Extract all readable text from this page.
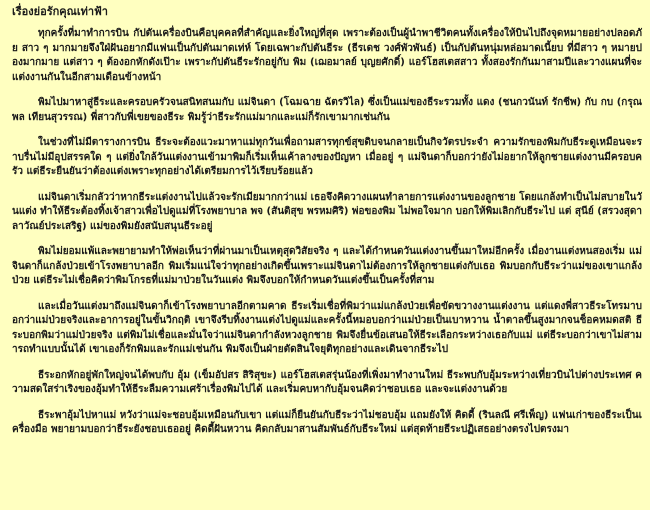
เรื่องย่อรักคุณเท่าฟ้า

ทุกครั้งที่มาทำการบิน กัปตันเครื่องบินคือบุคคลที่สำคัญและยิ่งใหญ่ที่สุด เพราะต้องเป็นผู้นำพาชีวิตคนทั้งเครื่องให้บินไปถึงจุดหมายอย่างปลอดภัย สาว ๆ มากมายจึงใฝ่ฝันอยากมีแฟนเป็นกัปตันมาดเท่ห์ โดยเฉพาะกัปตันธีระ (ธีรเดช วงศ์พัวพันธ์) เป็นกัปตันหนุ่มหล่อมาดเนี้ยบ ที่มีสาว ๆ หมายปองมากมาย แต่สาว ๆ ต้องอกหักดังเป๊าะ เพราะกัปตันธีระรักอยู่กับ พิม (เฌอมาลย์ บุญยศักดิ์) แอร์โฮสเตสสาว ทั้งสองรักกันมาสามปีและวางแผนที่จะแต่งงานกันในอีกสามเดือนข้างหน้า

พิมไปมาหาสู่ธีระและครอบครัวจนสนิทสนมกับ แม่จินดา (โฉมฉาย ฉัตรวิไล) ซึ่งเป็นแม่ของธีระรวมทั้ง แดง (ชนกวนันท์ รักชีพ) กับ กบ (กรุณพล เทียนสุวรรณ) พี่สาวกับพี่เขยของธีระ พิมรู้ว่าธีระรักแม่มากและแม่ก็รักเขามากเช่นกัน

ในช่วงที่ไม่มีตารางการบิน ธีระจะต้องแวะมาหาแม่ทุกวันเพื่อถามสารทุกข์สุขดิบจนกลายเป็นกิจวัตรประจำ ความรักของพิมกับธีระดูเหมือนจะราบรื่นไม่มีอุปสรรคใด ๆ แต่ยิ่งใกล้วันแต่งงานเข้ามาพิมก็เริ่มเห็นเค้าลางของปัญหา เมื่ออยู่ ๆ แม่จินดาก็บอกว่ายังไม่อยากให้ลูกชายแต่งงานมีครอบครัว แต่ธีระยืนยันว่าต้องแต่งเพราะทุกอย่างได้เตรียมการไว้เรียบร้อยแล้ว

แม่จินดาเริ่มกลัวว่าหากธีระแต่งงานไปแล้วจะรักเมียมากกว่าแม่ เธอจึงคิดวางแผนทำลายการแต่งงานของลูกชาย โดยแกล้งทำเป็นไม่สบายในวันแต่ง ทำให้ธีระต้องทิ้งเจ้าสาวเพื่อไปดูแม่ที่โรงพยาบาล พจ (สันติสุข พรหมศิริ) พ่อของพิม ไม่พอใจมาก บอกให้พิมเลิกกับธีระไป แต่ สุนีย์ (สรวงสุดา ลาวัณย์ประเสริฐ) แม่ของพิมยังสนับสนุนธีระอยู่

พิมไม่ยอมแพ้และพยายามทำให้พ่อเห็นว่าที่ผ่านมาเป็นเหตุสุดวิสัยจริง ๆ และได้กำหนดวันแต่งงานขึ้นมาใหม่อีกครั้ง เมื่องานแต่งหนสองเริ่ม แม่จินดาก็แกล้งป่วยเข้าโรงพยาบาลอีก พิมเริ่มแน่ใจว่าทุกอย่างเกิดขึ้นเพราะแม่จินดาไม่ต้องการให้ลูกชายแต่งกับเธอ พิมบอกกับธีระว่าแม่ของเขาแกล้งป่วย แต่ธีระไม่เชื่อคิดว่าพิมโกรธที่แม่มาป่วยในวันแต่ง พิมจึงบอกให้กำหนดวันแต่งขึ้นเป็นครั้งที่สาม

และเมื่อวันแต่งมาถึงแม่จินดาก็เข้าโรงพยาบาลอีกตามคาด ธีระเริ่มเชื่อที่พิมว่าแม่แกล้งป่วยเพื่อขัดขวางงานแต่งงาน แต่แดงพี่สาวธีระโทรมาบอกว่าแม่ป่วยจริงและอาการอยู่ในขั้นวิกฤติ เขาจึงรีบทิ้งงานแต่งไปดูแม่และครั้งนี้หมอบอกว่าแม่ป่วยเป็นเบาหวาน น้ำตาลขึ้นสูงมากจนช็อคหมดสติ ธีระบอกพิมว่าแม่ป่วยจริง แต่พิมไม่เชื่อและมั่นใจว่าแม่จินดากำลังหวงลูกชาย พิมจึงยื่นข้อเสนอให้ธีระเลือกระหว่างเธอกับแม่ แต่ธีระบอกว่าเขาไม่สามารถทำแบบนั้นได้ เขาเองก็รักพิมและรักแม่เช่นกัน พิมจึงเป็นฝ่ายตัดสินใจยุติทุกอย่างและเดินจากธีระไป

ธีระอกหักอยู่พักใหญ่จนได้พบกับ อุ้ม (เข็มอัปสร สิริสุขะ) แอร์โฮสเตสรุ่นน้องที่เพิ่งมาทำงานใหม่ ธีระพบกับอุ้มระหว่างเที่ยวบินไปต่างประเทศ ความสดใสร่าเริงของอุ้มทำให้ธีระลืมความเศร้าเรื่องพิมไปได้ และเริ่มคบหากับอุ้มจนคิดว่าชอบเธอ และจะแต่งงานด้วย

ธีระพาอุ้มไปหาแม่ หวังว่าแม่จะชอบอุ้มเหมือนกับเขา แต่แม่ก็ยืนยันกับธีระว่าไม่ชอบอุ้ม แถมยังให้ คิดดี้ (รินลณี ศรีเพ็ญ) แฟนเก่าของธีระเป็นเครื่องมือ พยายามบอกว่าธีระยังชอบเธออยู่ คิดดี้ฝันหวาน คิดกลับมาสานสัมพันธ์กับธีระใหม่ แต่สุดท้ายธีระปฏิเสธอย่างตรงไปตรงมา
